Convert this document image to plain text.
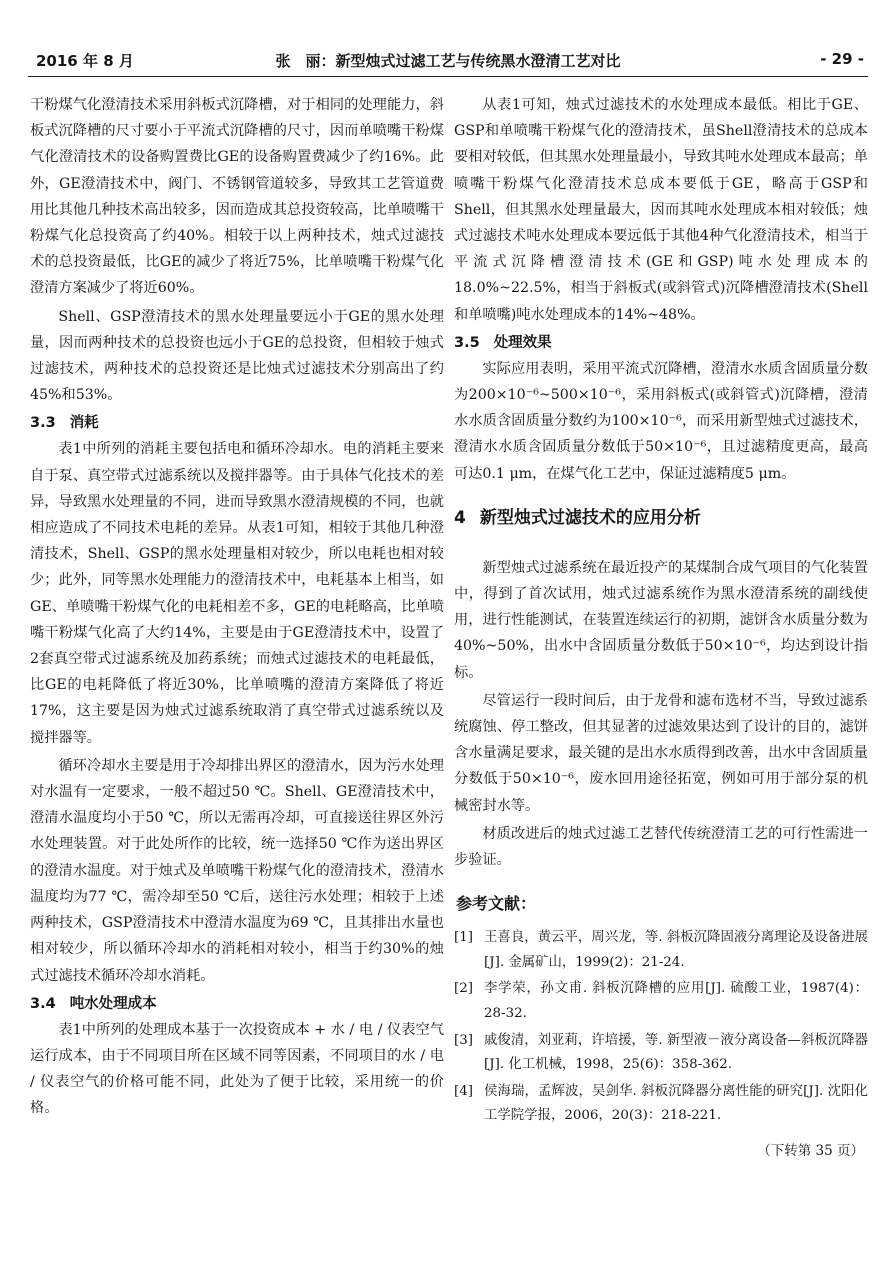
2016 年 8 月	张　丽：新型烛式过滤工艺与传统黑水澄清工艺对比	- 29 -

干粉煤气化澄清技术采用斜板式沉降槽，对于相同的处理能力，斜板式沉降槽的尺寸要小于平流式沉降槽的尺寸，因而单喷嘴干粉煤气化澄清技术的设备购置费比GE的设备购置费减少了约16%。此外，GE澄清技术中，阀门、不锈钢管道较多，导致其工艺管道费用比其他几种技术高出较多，因而造成其总投资较高，比单喷嘴干粉煤气化总投资高了约40%。相较于以上两种技术，烛式过滤技术的总投资最低，比GE的减少了将近75%，比单喷嘴干粉煤气化澄清方案减少了将近60%。

Shell、GSP澄清技术的黑水处理量要远小于GE的黑水处理量，因而两种技术的总投资也远小于GE的总投资，但相较于烛式过滤技术，两种技术的总投资还是比烛式过滤技术分别高出了约45%和53%。

3.3 消耗

表1中所列的消耗主要包括电和循环冷却水。电的消耗主要来自于泵、真空带式过滤系统以及搅拌器等。由于具体气化技术的差异，导致黑水处理量的不同，进而导致黑水澄清规模的不同，也就相应造成了不同技术电耗的差异。从表1可知，相较于其他几种澄清技术，Shell、GSP的黑水处理量相对较少，所以电耗也相对较少；此外，同等黑水处理能力的澄清技术中，电耗基本上相当，如GE、单喷嘴干粉煤气化的电耗相差不多，GE的电耗略高，比单喷嘴干粉煤气化高了大约14%，主要是由于GE澄清技术中，设置了2套真空带式过滤系统及加药系统；而烛式过滤技术的电耗最低，比GE的电耗降低了将近30%，比单喷嘴的澄清方案降低了将近17%，这主要是因为烛式过滤系统取消了真空带式过滤系统以及搅拌器等。

循环冷却水主要是用于冷却排出界区的澄清水，因为污水处理对水温有一定要求，一般不超过50 ℃。Shell、GE澄清技术中，澄清水温度均小于50 ℃，所以无需再冷却，可直接送往界区外污水处理装置。对于此处所作的比较，统一选择50 ℃作为送出界区的澄清水温度。对于烛式及单喷嘴干粉煤气化的澄清技术，澄清水温度均为77 ℃，需冷却至50 ℃后，送往污水处理；相较于上述两种技术，GSP澄清技术中澄清水温度为69 ℃，且其排出水量也相对较少，所以循环冷却水的消耗相对较小，相当于约30%的烛式过滤技术循环冷却水消耗。

3.4 吨水处理成本

表1中所列的处理成本基于一次投资成本 + 水 / 电 / 仪表空气运行成本，由于不同项目所在区域不同等因素，不同项目的水 / 电 / 仪表空气的价格可能不同，此处为了便于比较，采用统一的价格。

从表1可知，烛式过滤技术的水处理成本最低。相比于GE、GSP和单喷嘴干粉煤气化的澄清技术，虽Shell澄清技术的总成本要相对较低，但其黑水处理量最小，导致其吨水处理成本最高；单喷嘴干粉煤气化澄清技术总成本要低于GE，略高于GSP和Shell，但其黑水处理量最大，因而其吨水处理成本相对较低；烛式过滤技术吨水处理成本要远低于其他4种气化澄清技术，相当于平流式沉降槽澄清技术(GE和GSP)吨水处理成本的18.0%~22.5%，相当于斜板式(或斜管式)沉降槽澄清技术(Shell和单喷嘴)吨水处理成本的14%~48%。

3.5 处理效果

实际应用表明，采用平流式沉降槽，澄清水水质含固质量分数为200×10⁻⁶~500×10⁻⁶，采用斜板式(或斜管式)沉降槽，澄清水水质含固质量分数约为100×10⁻⁶，而采用新型烛式过滤技术，澄清水水质含固质量分数低于50×10⁻⁶，且过滤精度更高，最高可达0.1 μm，在煤气化工艺中，保证过滤精度5 μm。

4 新型烛式过滤技术的应用分析

新型烛式过滤系统在最近投产的某煤制合成气项目的气化装置中，得到了首次试用，烛式过滤系统作为黑水澄清系统的副线使用，进行性能测试，在装置连续运行的初期，滤饼含水质量分数为40%~50%，出水中含固质量分数低于50×10⁻⁶，均达到设计指标。

尽管运行一段时间后，由于龙骨和滤布选材不当，导致过滤系统腐蚀、停工整改，但其显著的过滤效果达到了设计的目的，滤饼含水量满足要求，最关键的是出水水质得到改善，出水中含固质量分数低于50×10⁻⁶，废水回用途径拓宽，例如可用于部分泵的机械密封水等。

材质改进后的烛式过滤工艺替代传统澄清工艺的可行性需进一步验证。

参考文献：
[1] 王喜良，黄云平，周兴龙，等. 斜板沉降固液分离理论及设备进展[J]. 金属矿山，1999(2)：21-24.
[2] 李学荣，孙文甫. 斜板沉降槽的应用[J]. 硫酸工业，1987(4)：28-32.
[3] 戚俊清，刘亚莉，许培援，等. 新型液－液分离设备—斜板沉降器[J]. 化工机械，1998，25(6)：358-362.
[4] 侯海瑞，孟辉波，吴剑华. 斜板沉降器分离性能的研究[J]. 沈阳化工学院学报，2006，20(3)：218-221.
（下转第 35 页）
